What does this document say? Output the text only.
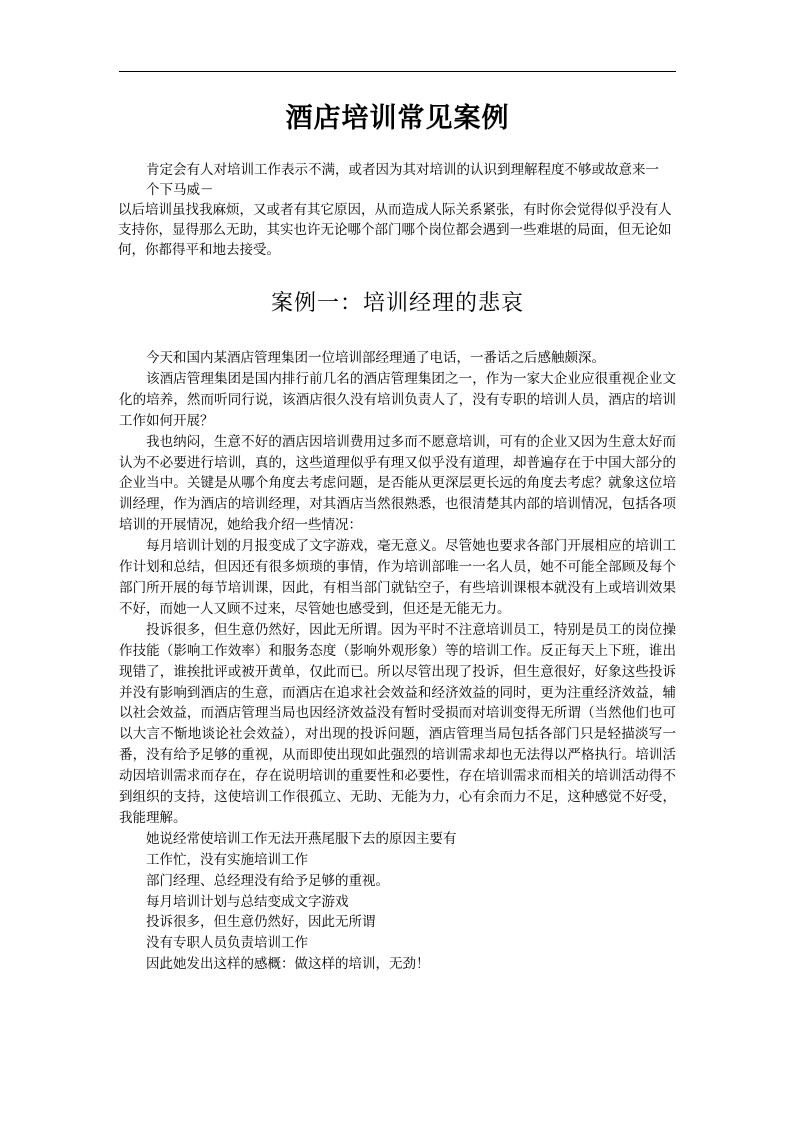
酒店培训常见案例

肯定会有人对培训工作表示不满，或者因为其对培训的认识到理解程度不够或故意来一

个下马威－

以后培训虽找我麻烦，又或者有其它原因，从而造成人际关系紧张，有时你会觉得似乎没有人支持你，显得那么无助，其实也许无论哪个部门哪个岗位都会遇到一些难堪的局面，但无论如何，你都得平和地去接受。

案例一：培训经理的悲哀

今天和国内某酒店管理集团一位培训部经理通了电话，一番话之后感触颇深。

该酒店管理集团是国内排行前几名的酒店管理集团之一，作为一家大企业应很重视企业文化的培养，然而听同行说，该酒店很久没有培训负责人了，没有专职的培训人员，酒店的培训工作如何开展？

我也纳闷，生意不好的酒店因培训费用过多而不愿意培训，可有的企业又因为生意太好而认为不必要进行培训，真的，这些道理似乎有理又似乎没有道理，却普遍存在于中国大部分的企业当中。关键是从哪个角度去考虑问题，是否能从更深层更长远的角度去考虑？就象这位培训经理，作为酒店的培训经理，对其酒店当然很熟悉，也很清楚其内部的培训情况，包括各项培训的开展情况，她给我介绍一些情况：

每月培训计划的月报变成了文字游戏，毫无意义。尽管她也要求各部门开展相应的培训工作计划和总结，但因还有很多烦琐的事情，作为培训部唯一一名人员，她不可能全部顾及每个部门所开展的每节培训课，因此，有相当部门就钻空子，有些培训课根本就没有上或培训效果不好，而她一人又顾不过来，尽管她也感受到，但还是无能无力。

投诉很多，但生意仍然好，因此无所谓。因为平时不注意培训员工，特别是员工的岗位操作技能（影响工作效率）和服务态度（影响外观形象）等的培训工作。反正每天上下班，谁出现错了，谁挨批评或被开黄单，仅此而已。所以尽管出现了投诉，但生意很好，好象这些投诉并没有影响到酒店的生意，而酒店在追求社会效益和经济效益的同时，更为注重经济效益，辅以社会效益，而酒店管理当局也因经济效益没有暂时受损而对培训变得无所谓（当然他们也可以大言不惭地谈论社会效益），对出现的投诉问题，酒店管理当局包括各部门只是轻描淡写一番，没有给予足够的重视，从而即使出现如此强烈的培训需求却也无法得以严格执行。培训活动因培训需求而存在，存在说明培训的重要性和必要性，存在培训需求而相关的培训活动得不到组织的支持，这使培训工作很孤立、无助、无能为力，心有余而力不足，这种感觉不好受，我能理解。

她说经常使培训工作无法开燕尾服下去的原因主要有

工作忙，没有实施培训工作

部门经理、总经理没有给予足够的重视。

每月培训计划与总结变成文字游戏

投诉很多，但生意仍然好，因此无所谓

没有专职人员负责培训工作

因此她发出这样的感概：做这样的培训，无劲！
